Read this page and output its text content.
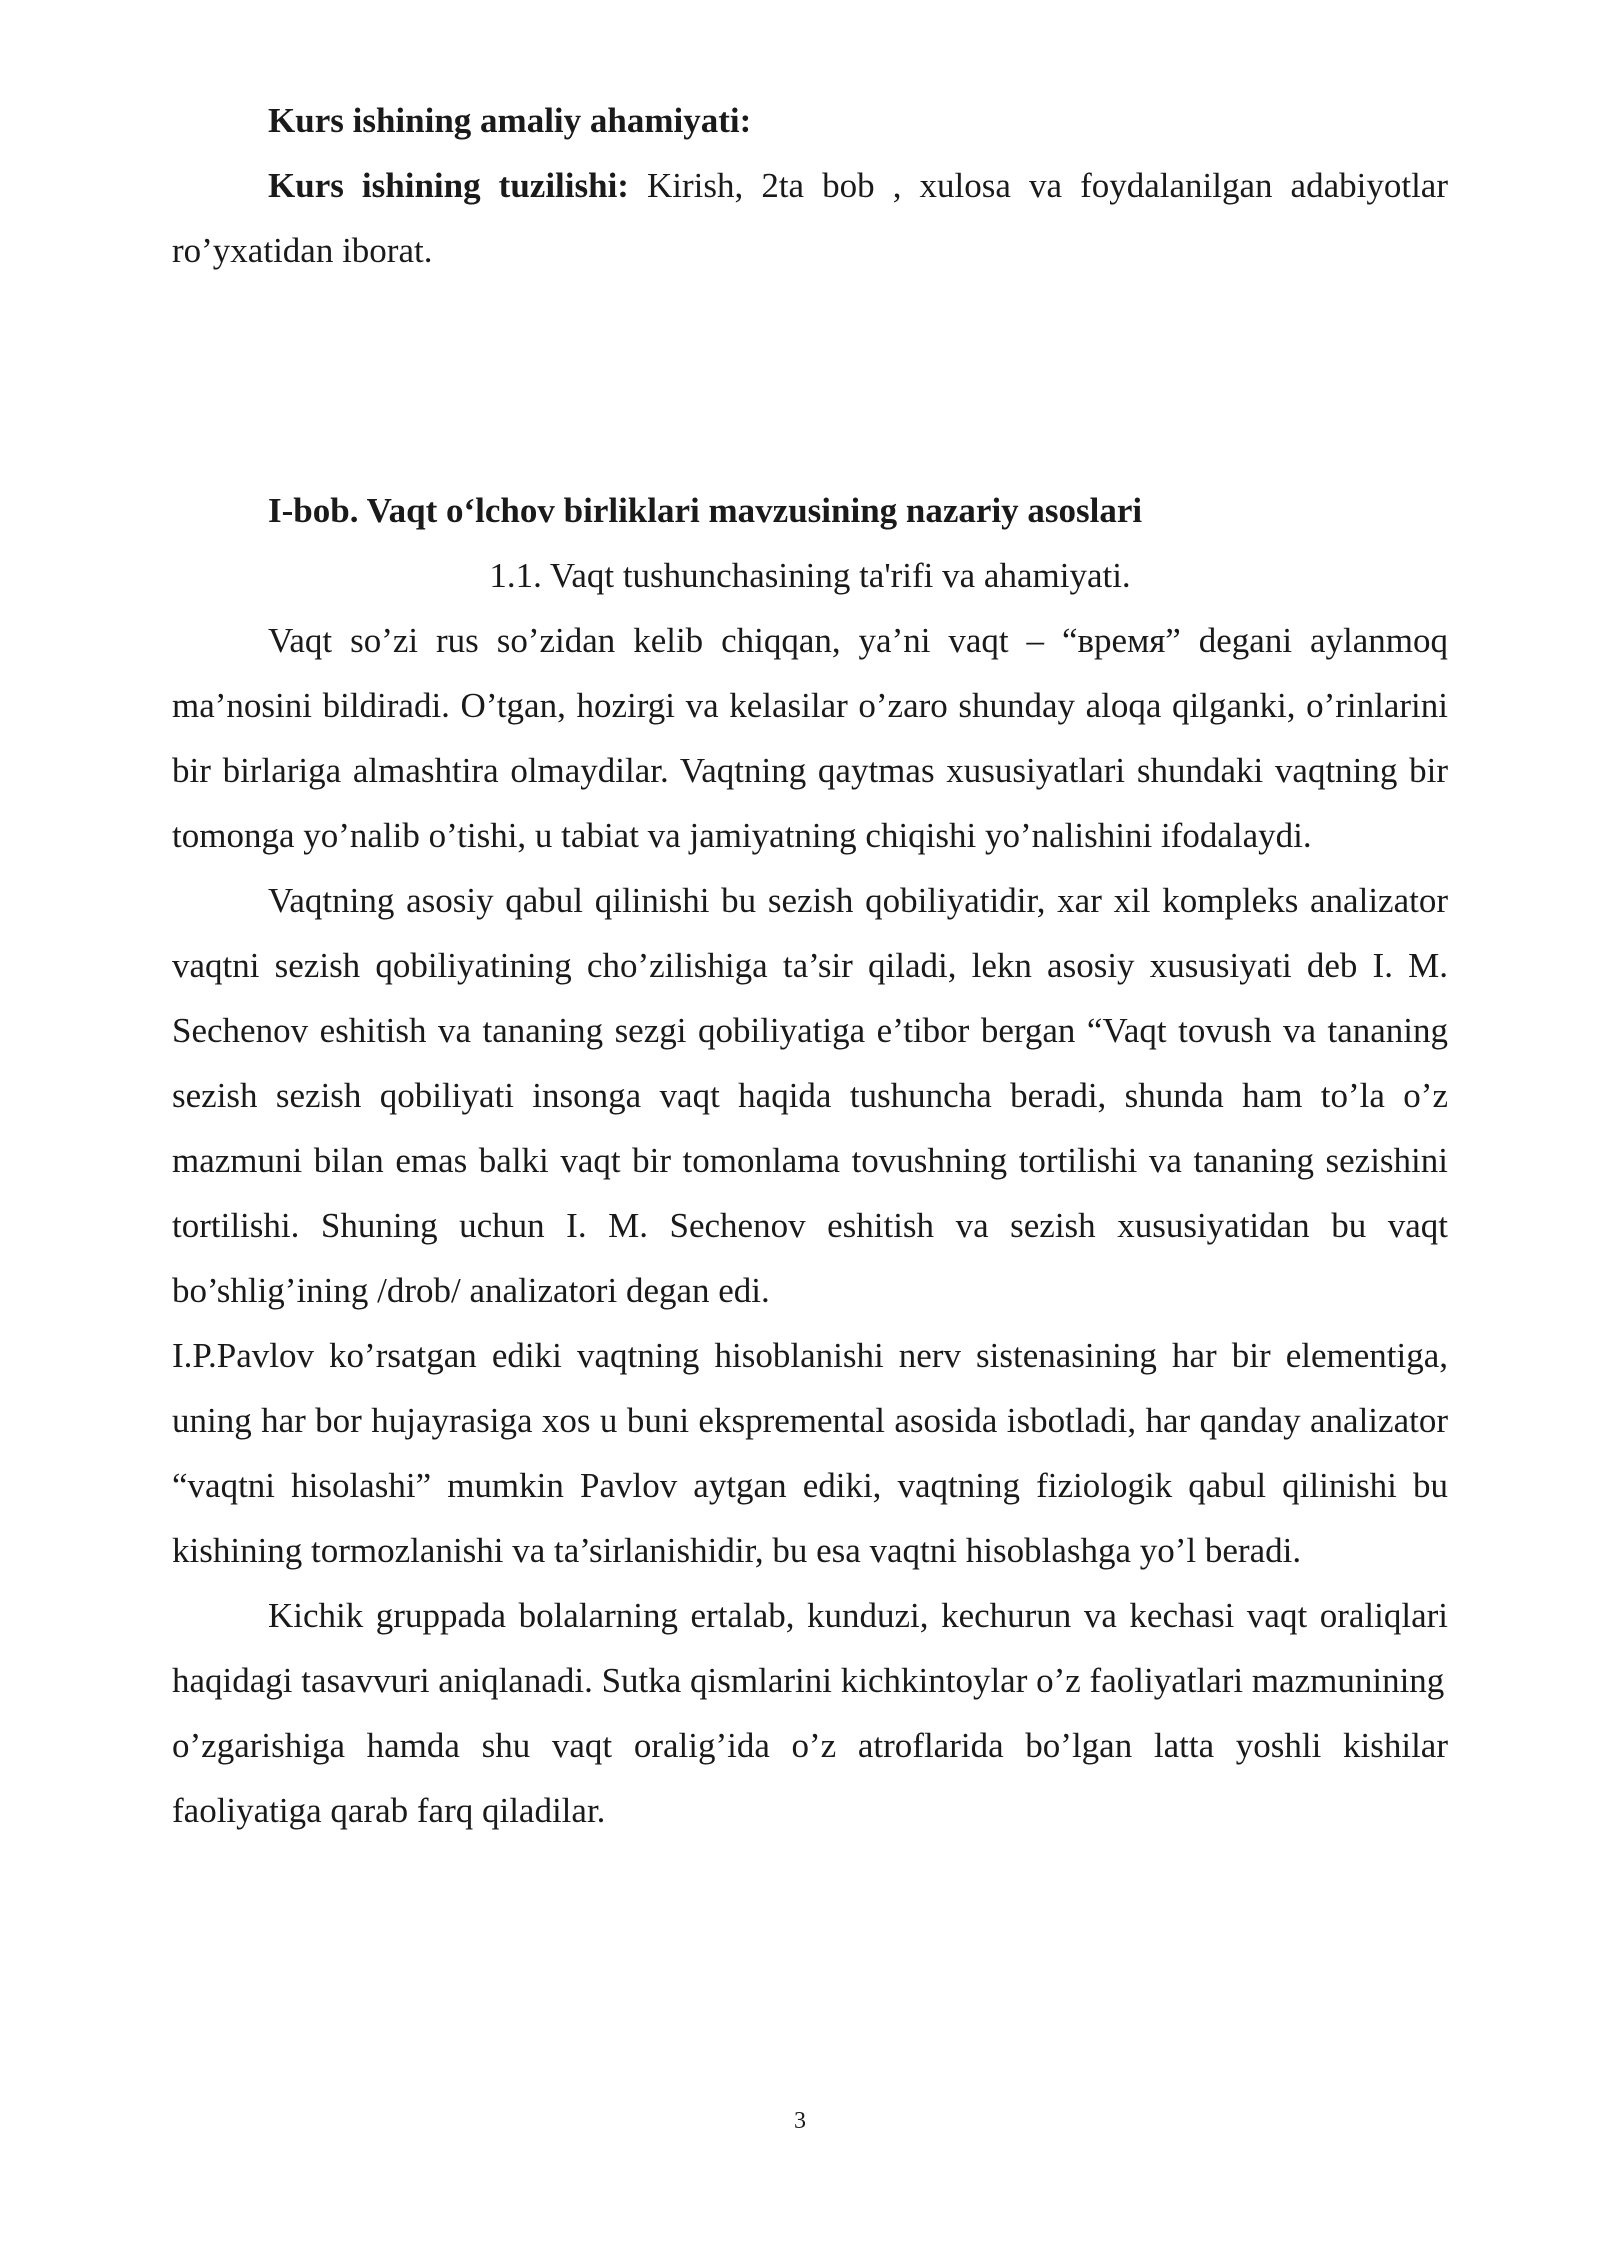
Kurs ishining amaliy ahamiyati:

Kurs ishining tuzilishi: Kirish, 2ta bob , xulosa va foydalanilgan adabiyotlar ro’yxatidan iborat.

I-bob. Vaqt oʻlchov birliklari mavzusining nazariy asoslari

1.1. Vaqt tushunchasining ta'rifi va ahamiyati.

Vaqt so’zi rus so’zidan kelib chiqqan, ya’ni vaqt – “время” degani aylanmoq ma’nosini bildiradi. O’tgan, hozirgi va kelasilar o’zaro shunday aloqa qilganki, o’rinlarini bir birlariga almashtira olmaydilar. Vaqtning qaytmas xususiyatlari shundaki vaqtning bir tomonga yo’nalib o’tishi, u tabiat va jamiyatning chiqishi yo’nalishini ifodalaydi.

Vaqtning asosiy qabul qilinishi bu sezish qobiliyatidir, xar xil kompleks analizator vaqtni sezish qobiliyatining cho’zilishiga ta’sir qiladi, lekn asosiy xususiyati deb I. M. Sechenov eshitish va tananing sezgi qobiliyatiga e’tibor bergan “Vaqt tovush va tananing sezish sezish qobiliyati insonga vaqt haqida tushuncha beradi, shunda ham to’la o’z mazmuni bilan emas balki vaqt bir tomonlama tovushning tortilishi va tananing sezishini tortilishi. Shuning uchun I. M. Sechenov eshitish va sezish xususiyatidan bu vaqt bo’shlig’ining /drob/ analizatori degan edi.

I.P.Pavlov ko’rsatgan ediki vaqtning hisoblanishi nerv sistenasining har bir elementiga, uning har bor hujayrasiga xos u buni ekspremental asosida isbotladi, har qanday analizator “vaqtni hisolashi” mumkin Pavlov aytgan ediki, vaqtning fiziologik qabul qilinishi bu kishining tormozlanishi va ta’sirlanishidir, bu esa vaqtni hisoblashga yo’l beradi.

Kichik gruppada bolalarning ertalab, kunduzi, kechurun va kechasi vaqt oraliqlari haqidagi tasavvuri aniqlanadi. Sutka qismlarini kichkintoylar o’z faoliyatlari mazmunining

o’zgarishiga hamda shu vaqt oralig’ida o’z atroflarida bo’lgan latta yoshli kishilar faoliyatiga qarab farq qiladilar.

3
